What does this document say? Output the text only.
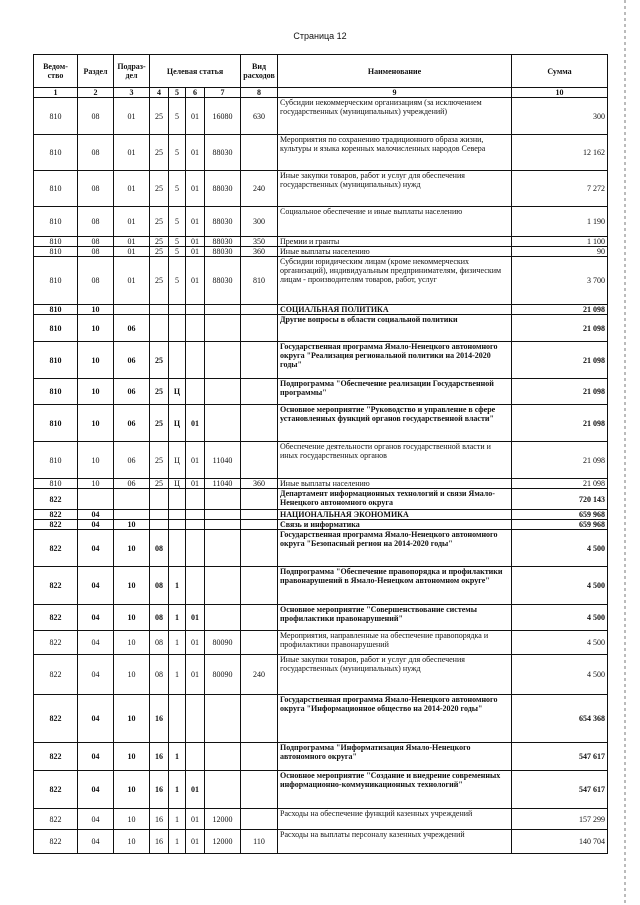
Страница 12
Ведом-ство	Раздел	Подраз-дел	Целевая статья				Вид расходов	Наименование	Сумма
1	2	3	4	5	6	7	8	9	10
810	08	01	25	5	01	16080	630	Субсидии некоммерческим организациям (за исключением государственных (муниципальных) учреждений)	300
810	08	01	25	5	01	88030		Мероприятия по сохранению традиционного образа жизни, культуры и языка коренных малочисленных народов Севера	12 162
810	08	01	25	5	01	88030	240	Иные закупки товаров, работ и услуг для обеспечения государственных (муниципальных) нужд	7 272
810	08	01	25	5	01	88030	300	Социальное обеспечение и иные выплаты населению	1 190
810	08	01	25	5	01	88030	350	Премии и гранты	1 100
810	08	01	25	5	01	88030	360	Иные выплаты населению	90
810	08	01	25	5	01	88030	810	Субсидии юридическим лицам (кроме некоммерческих организаций), индивидуальным предпринимателям, физическим лицам - производителям товаров, работ, услуг	3 700
810	10							СОЦИАЛЬНАЯ ПОЛИТИКА	21 098
810	10	06						Другие вопросы в области социальной политики	21 098
810	10	06	25					Государственная программа Ямало-Ненецкого автономного округа "Реализация региональной политики на 2014-2020 годы"	21 098
810	10	06	25	Ц				Подпрограмма "Обеспечение реализации Государственной программы"	21 098
810	10	06	25	Ц	01			Основное мероприятие "Руководство и управление в сфере установленных функций органов государственной власти"	21 098
810	10	06	25	Ц	01	11040		Обеспечение деятельности органов государственной власти и иных государственных органов	21 098
810	10	06	25	Ц	01	11040	360	Иные выплаты населению	21 098
822								Департамент информационных технологий и связи Ямало-Ненецкого автономного округа	720 143
822	04							НАЦИОНАЛЬНАЯ ЭКОНОМИКА	659 968
822	04	10						Связь и информатика	659 968
822	04	10	08					Государственная программа Ямало-Ненецкого автономного округа "Безопасный регион на 2014-2020 годы"	4 500
822	04	10	08	1				Подпрограмма "Обеспечение правопорядка и профилактики правонарушений в Ямало-Ненецком автономном округе"	4 500
822	04	10	08	1	01			Основное мероприятие "Совершенствование системы профилактики правонарушений"	4 500
822	04	10	08	1	01	80090		Мероприятия, направленные на обеспечение правопорядка и профилактики правонарушений	4 500
822	04	10	08	1	01	80090	240	Иные закупки товаров, работ и услуг для обеспечения государственных (муниципальных) нужд	4 500
822	04	10	16					Государственная программа Ямало-Ненецкого автономного округа "Информационное общество на 2014-2020 годы"	654 368
822	04	10	16	1				Подпрограмма "Информатизация Ямало-Ненецкого автономного округа"	547 617
822	04	10	16	1	01			Основное мероприятие "Создание и внедрение современных информационно-коммуникационных технологий"	547 617
822	04	10	16	1	01	12000		Расходы на обеспечение функций казенных учреждений	157 299
822	04	10	16	1	01	12000	110	Расходы на выплаты персоналу казенных учреждений	140 704
